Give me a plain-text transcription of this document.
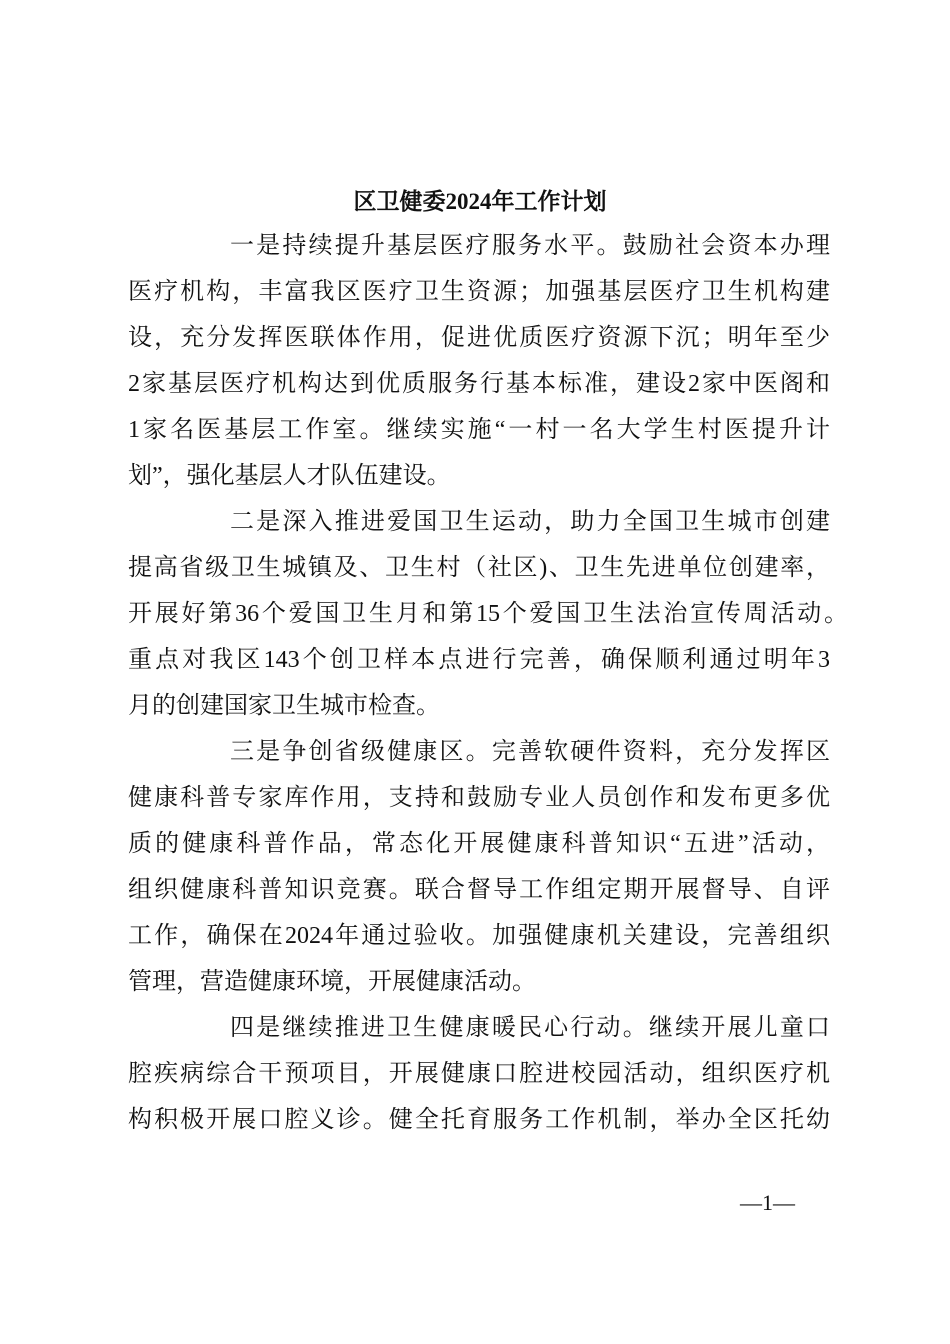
区卫健委2024年工作计划
一是持续提升基层医疗服务水平。鼓励社会资本办理
医疗机构，丰富我区医疗卫生资源；加强基层医疗卫生机构建
设，充分发挥医联体作用，促进优质医疗资源下沉；明年至少
2家基层医疗机构达到优质服务行基本标准，建设2家中医阁和
1家名医基层工作室。继续实施“一村一名大学生村医提升计
划”，强化基层人才队伍建设。
二是深入推进爱国卫生运动，助力全国卫生城市创建
提高省级卫生城镇及、卫生村（社区)、卫生先进单位创建率，
开展好第36个爱国卫生月和第15个爱国卫生法治宣传周活动。
重点对我区143个创卫样本点进行完善，确保顺利通过明年3
月的创建国家卫生城市检查。
三是争创省级健康区。完善软硬件资料，充分发挥区
健康科普专家库作用，支持和鼓励专业人员创作和发布更多优
质的健康科普作品，常态化开展健康科普知识“五进”活动，
组织健康科普知识竞赛。联合督导工作组定期开展督导、自评
工作，确保在2024年通过验收。加强健康机关建设，完善组织
管理，营造健康环境，开展健康活动。
四是继续推进卫生健康暖民心行动。继续开展儿童口
腔疾病综合干预项目，开展健康口腔进校园活动，组织医疗机
构积极开展口腔义诊。健全托育服务工作机制，举办全区托幼
—1—
